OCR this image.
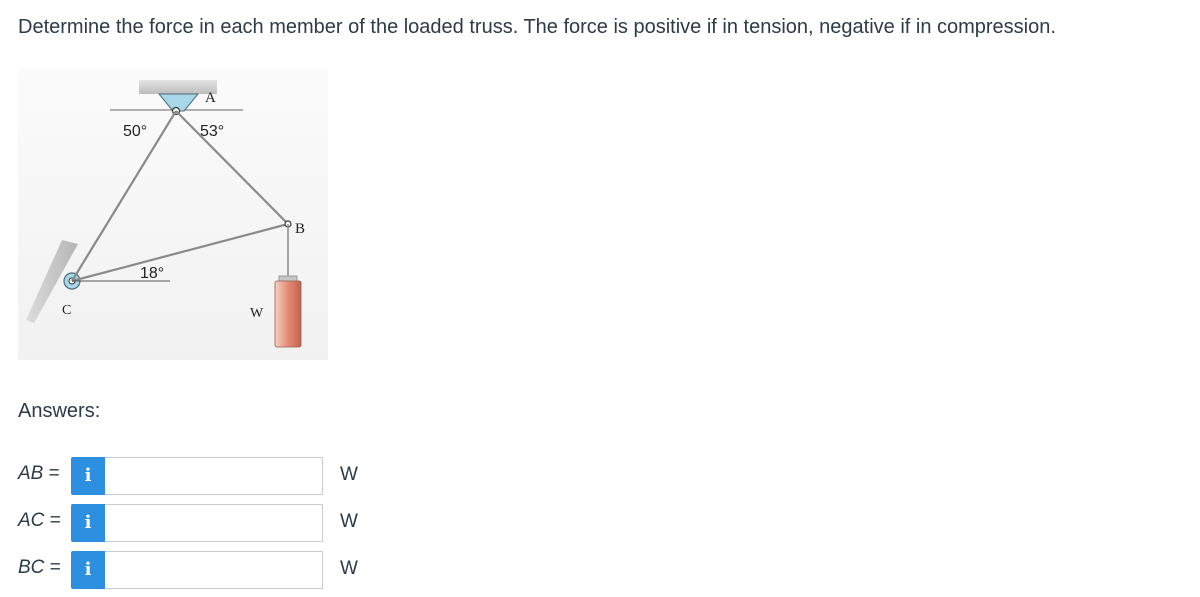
Determine the force in each member of the loaded truss. The force is positive if in tension, negative if in compression.
A
B
C	W
50°	53°
18°
Answers:
AB =	i	W
AC =	i	W
BC =	i	W
